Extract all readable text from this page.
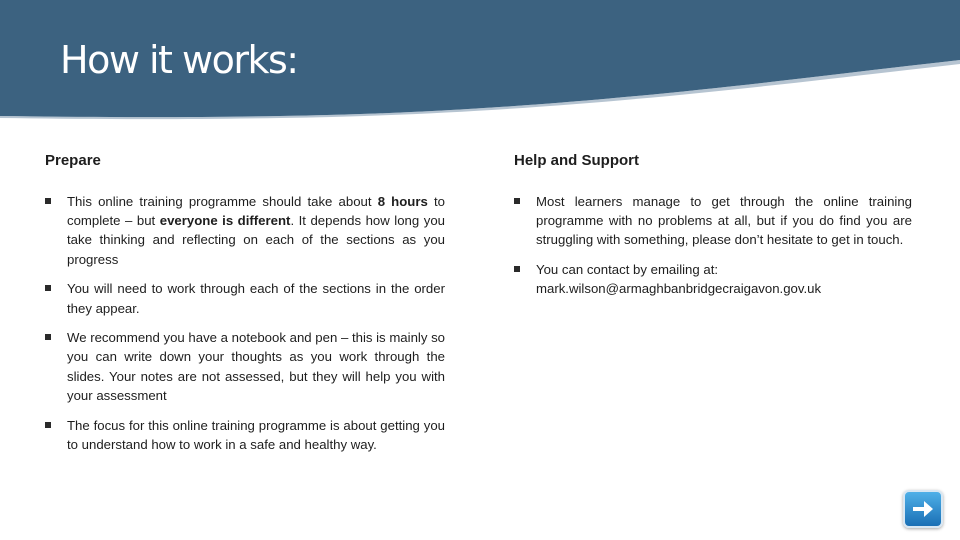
How it works:
Prepare
This online training programme should take about 8 hours to complete – but everyone is different. It depends how long you take thinking and reflecting on each of the sections as you progress
You will need to work through each of the sections in the order they appear.
We recommend you have a notebook and pen – this is mainly so you can write down your thoughts as you work through the slides. Your notes are not assessed, but they will help you with your assessment
The focus for this online training programme is about getting you to understand how to work in a safe and healthy way.
Help and Support
Most learners manage to get through the online training programme with no problems at all, but if you do find you are struggling with something, please don’t hesitate to get in touch.
You can contact by emailing at:
mark.wilson@armaghbanbridgecraigavon.gov.uk
